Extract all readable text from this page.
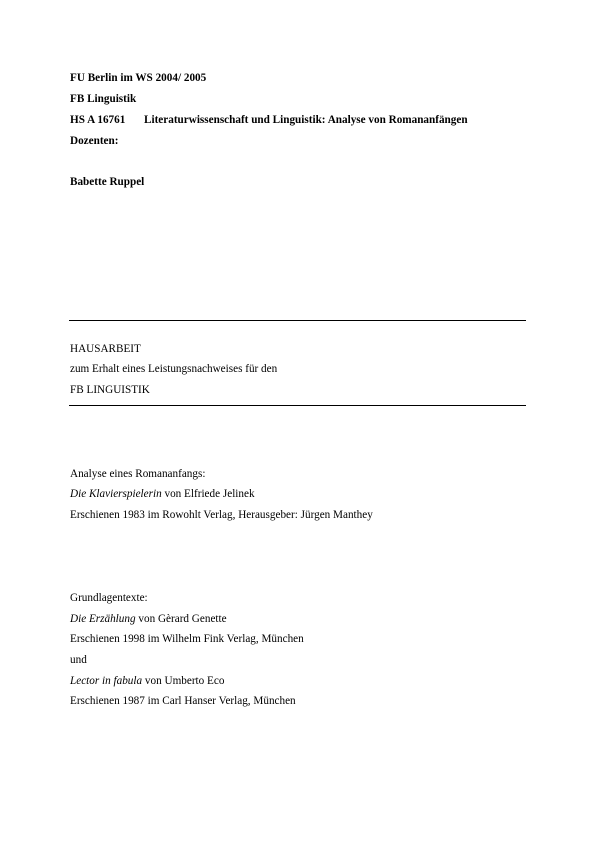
FU Berlin im WS 2004/ 2005
FB Linguistik
HS A 16761 Literaturwissenschaft und Linguistik: Analyse von Romananfängen
Dozenten:
Babette Ruppel
HAUSARBEIT
zum Erhalt eines Leistungsnachweises für den
FB LINGUISTIK
Analyse eines Romananfangs:
Die Klavierspielerin von Elfriede Jelinek
Erschienen 1983 im Rowohlt Verlag, Herausgeber: Jürgen Manthey
Grundlagentexte:
Die Erzählung von Gèrard Genette
Erschienen 1998 im Wilhelm Fink Verlag, München
und
Lector in fabula von Umberto Eco
Erschienen 1987 im Carl Hanser Verlag, München
